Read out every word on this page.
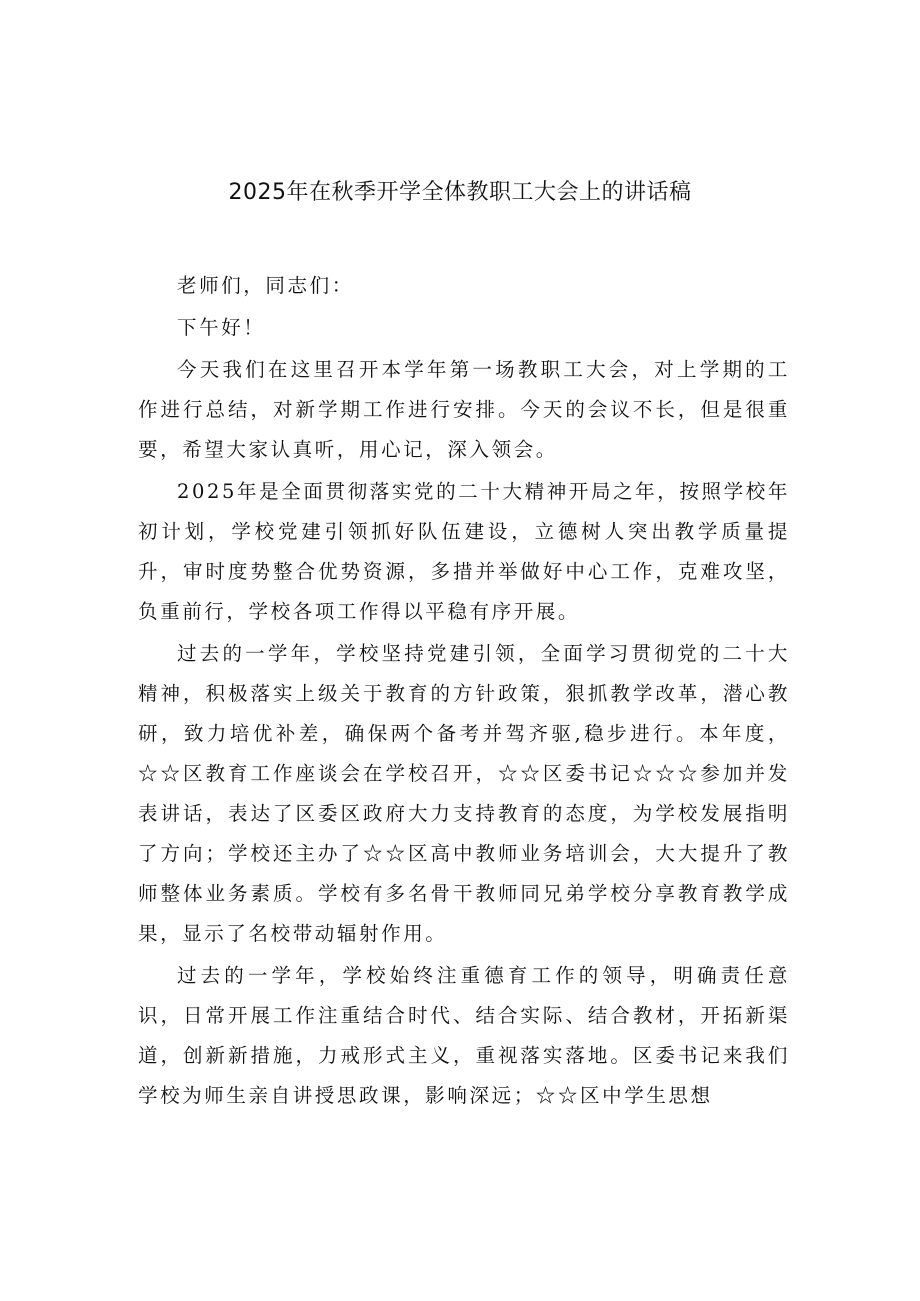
2025年在秋季开学全体教职工大会上的讲话稿

老师们，同志们：

下午好！

今天我们在这里召开本学年第一场教职工大会，对上学期的工作进行总结，对新学期工作进行安排。今天的会议不长，但是很重要，希望大家认真听，用心记，深入领会。

2025年是全面贯彻落实党的二十大精神开局之年，按照学校年初计划，学校党建引领抓好队伍建设，立德树人突出教学质量提升，审时度势整合优势资源，多措并举做好中心工作，克难攻坚，负重前行，学校各项工作得以平稳有序开展。

过去的一学年，学校坚持党建引领，全面学习贯彻党的二十大精神，积极落实上级关于教育的方针政策，狠抓教学改革，潜心教研，致力培优补差，确保两个备考并驾齐驱,稳步进行。本年度，☆☆区教育工作座谈会在学校召开，☆☆区委书记☆☆☆参加并发表讲话，表达了区委区政府大力支持教育的态度，为学校发展指明了方向；学校还主办了☆☆区高中教师业务培训会，大大提升了教师整体业务素质。学校有多名骨干教师同兄弟学校分享教育教学成果，显示了名校带动辐射作用。

过去的一学年，学校始终注重德育工作的领导，明确责任意识，日常开展工作注重结合时代、结合实际、结合教材，开拓新渠道，创新新措施，力戒形式主义，重视落实落地。区委书记来我们学校为师生亲自讲授思政课，影响深远；☆☆区中学生思想
